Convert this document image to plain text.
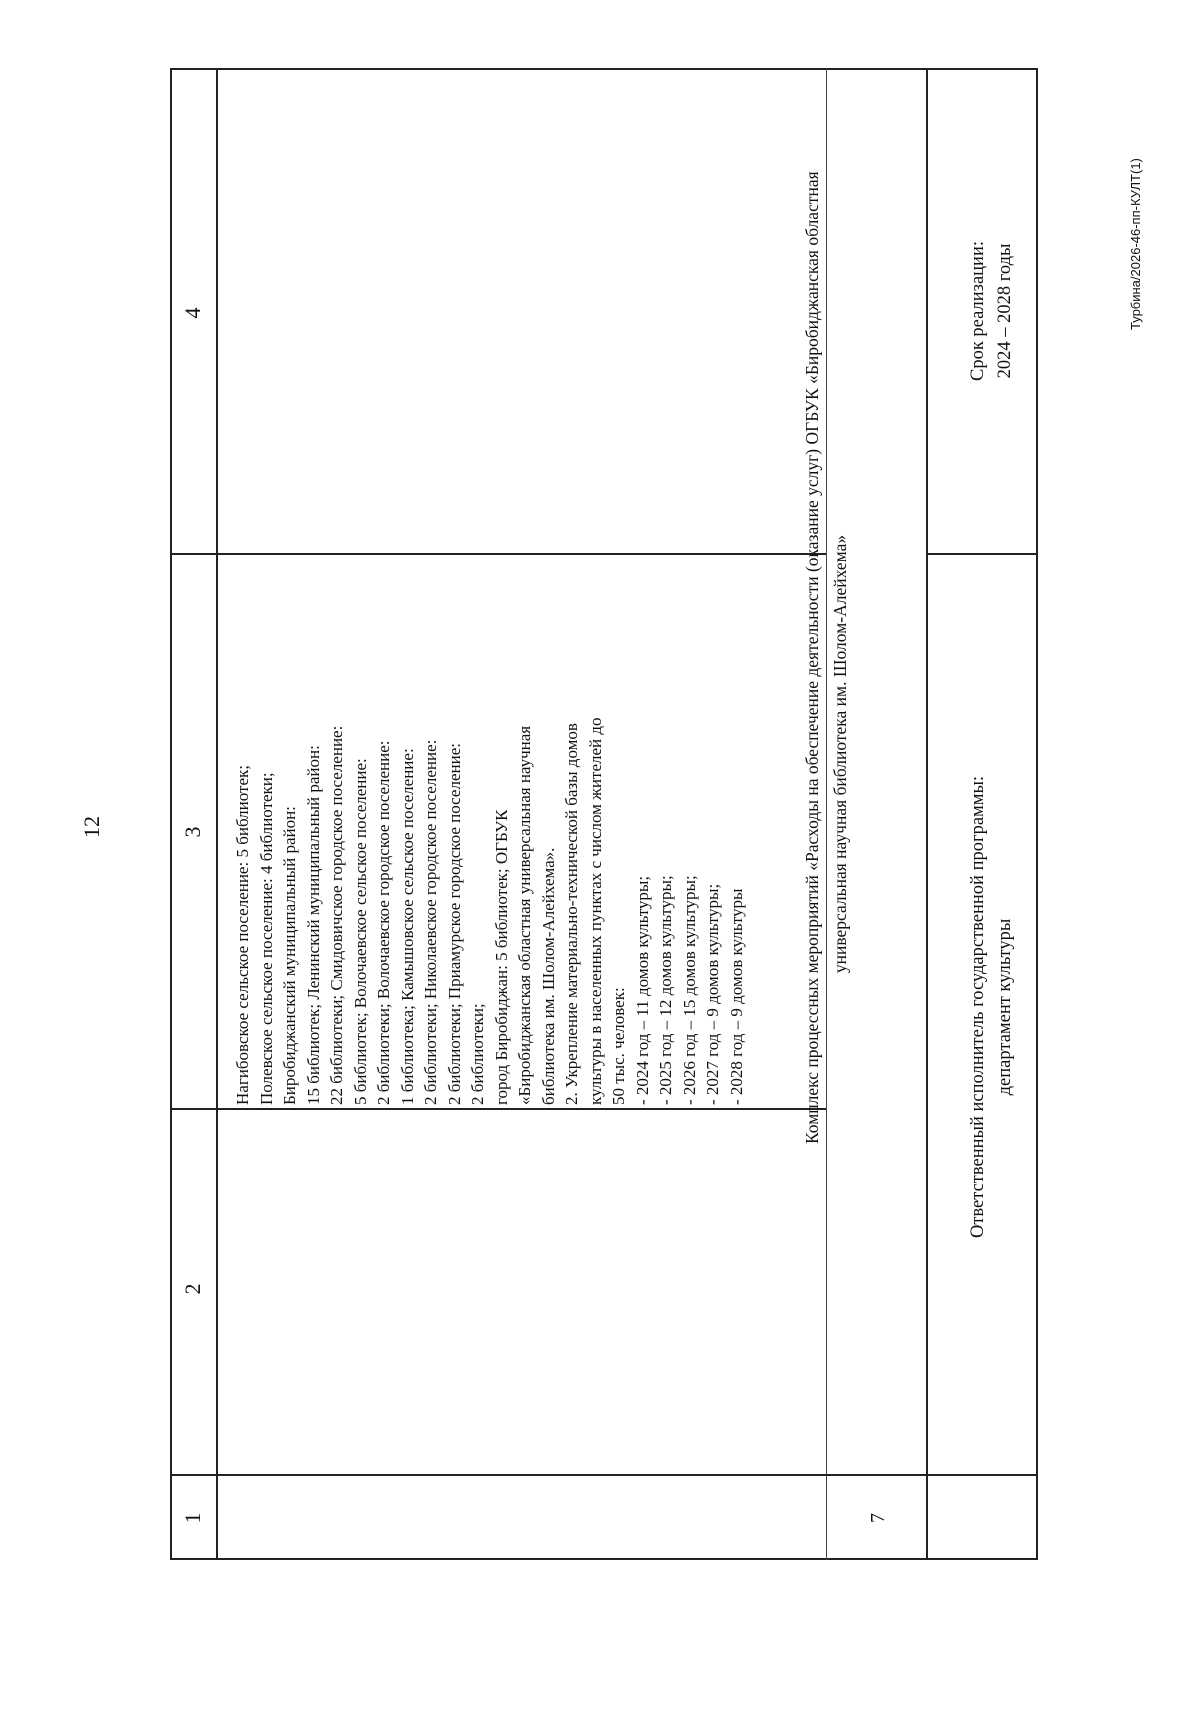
12
Турбина/2026-46-пп-КУЛТ(1)
1
2
3
4
Нагибовское сельское поселение: 5 библиотек; Полевское сельское поселение: 4 библиотеки; Биробиджанский муниципальный район: 15 библиотек; Ленинский муниципальный район: 22 библиотеки; Смидовичское городское поселение: 5 библиотек; Волочаевское сельское поселение: 2 библиотеки; Волочаевское городское поселение: 1 библиотека; Камышовское сельское поселение: 2 библиотеки; Николаевское городское поселение: 2 библиотеки; Приамурское городское поселение: 2 библиотеки; город Биробиджан: 5 библиотек; ОГБУК «Биробиджанская областная универсальная научная библиотека им. Шолом-Алейхема». 2. Укрепление материально-технической базы домов культуры в населенных пунктах с числом жителей до 50 тыс. человек: - 2024 год – 11 домов культуры; - 2025 год – 12 домов культуры; - 2026 год – 15 домов культуры; - 2027 год – 9 домов культуры; - 2028 год – 9 домов культуры
7
Комплекс процессных мероприятий «Расходы на обеспечение деятельности (оказание услуг) ОГБУК «Биробиджанская областная универсальная научная библиотека им. Шолом-Алейхема»
Ответственный исполнитель государственной программы: департамент культуры
Срок реализации: 2024 – 2028 годы
